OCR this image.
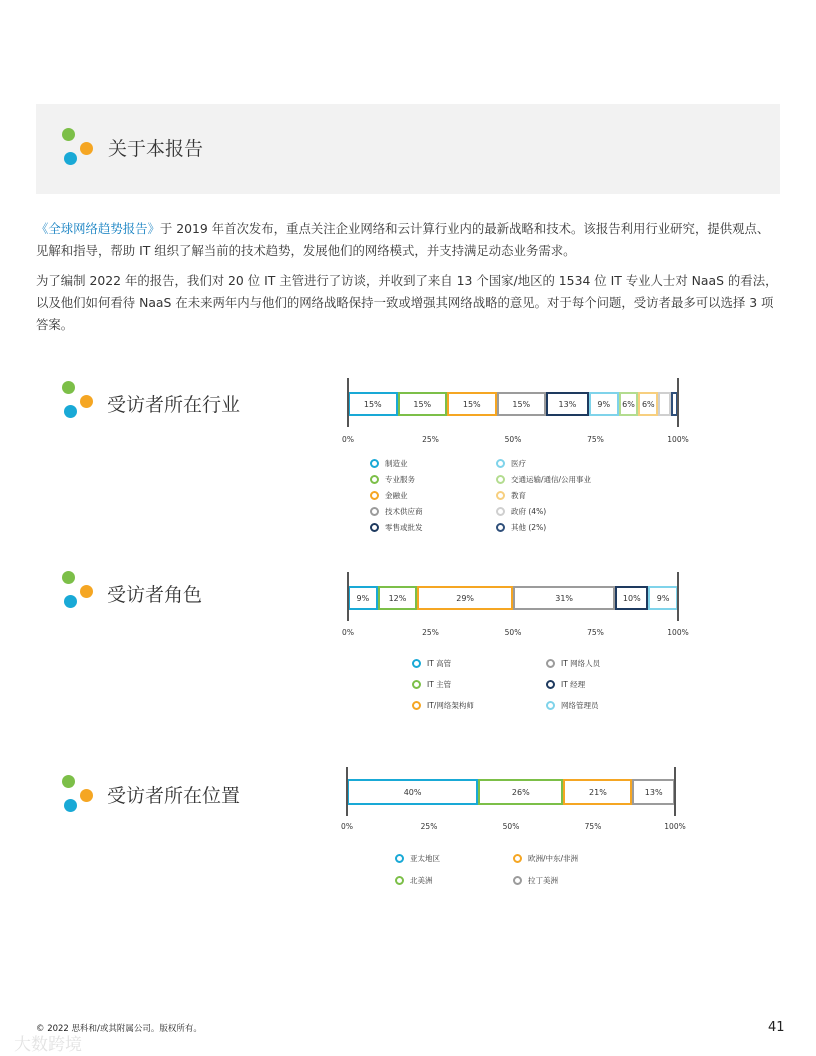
关于本报告
《全球网络趋势报告》于 2019 年首次发布，重点关注企业网络和云计算行业内的最新战略和技术。该报告利用行业研究，提供观点、见解和指导，帮助 IT 组织了解当前的技术趋势，发展他们的网络模式，并支持满足动态业务需求。
为了编制 2022 年的报告，我们对 20 位 IT 主管进行了访谈，并收到了来自 13 个国家/地区的 1534 位 IT 专业人士对 NaaS 的看法，以及他们如何看待 NaaS 在未来两年内与他们的网络战略保持一致或增强其网络战略的意见。对于每个问题，受访者最多可以选择 3 项答案。
受访者所在行业	15%	15%	15%	15%	13%	9% 6% 6%
0%	25%	50%	75%	100%
制造业
专业服务
金融业
技术供应商
零售或批发
医疗
交通运输/通信/公用事业
教育
政府 (4%)
其他 (2%)
受访者角色	9% 12%	29%	31%	10% 9%
0%	25%	50%	75%	100%
IT 高管
IT 主管
IT/网络架构师
IT 网络人员
IT 经理
网络管理员
受访者所在位置	40%	26%	21%	13%
0%	25%	50%	75%	100%
亚太地区
北美洲
欧洲/中东/非洲
拉丁美洲
© 2022 思科和/或其附属公司。版权所有。	41
大数跨境
